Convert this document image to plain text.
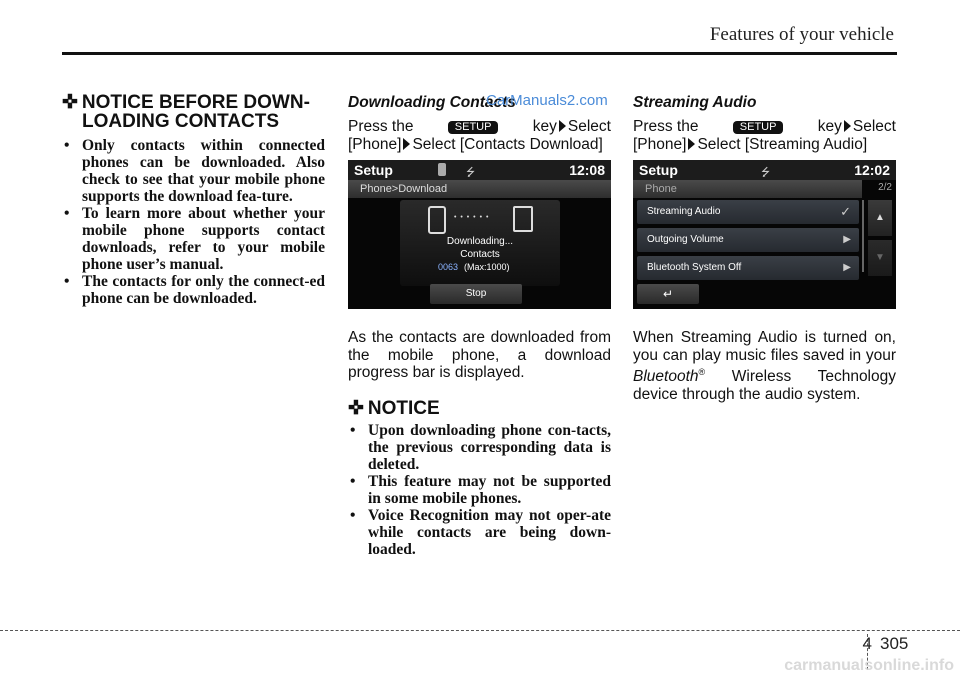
Features of your vehicle
✜ NOTICE BEFORE DOWN-
LOADING CONTACTS
• Only contacts within connected phones can be downloaded. Also check to see that your mobile phone supports the download fea-ture.
• To learn more about whether your mobile phone supports contact downloads, refer to your mobile phone user’s manual.
• The contacts for only the connect-ed phone can be downloaded.
Downloading Contacts
Press the	SETUP	key Select
[Phone] Select [Contacts Download]
Setup	⭍	12:08
Phone>Download
• • • • • •
Downloading...
Contacts
0063 (Max:1000)
Stop
As the contacts are downloaded from the mobile phone, a download progress bar is displayed.
✜ NOTICE
• Upon downloading phone con-tacts, the previous corresponding data is deleted.
• This feature may not be supported in some mobile phones.
• Voice Recognition may not oper-ate while contacts are being down-loaded.
Streaming Audio
Press the	SETUP	key Select
[Phone] Select [Streaming Audio]
Setup	⭍	12:02
Phone	2/2
Streaming Audio	✓
Outgoing Volume	▶
Bluetooth System Off	▶
▲
▼
↵
When Streaming Audio is turned on, you can play music files saved in your Bluetooth® Wireless Technology device through the audio system.
4 305
CarManuals2.com
carmanualsonline.info
